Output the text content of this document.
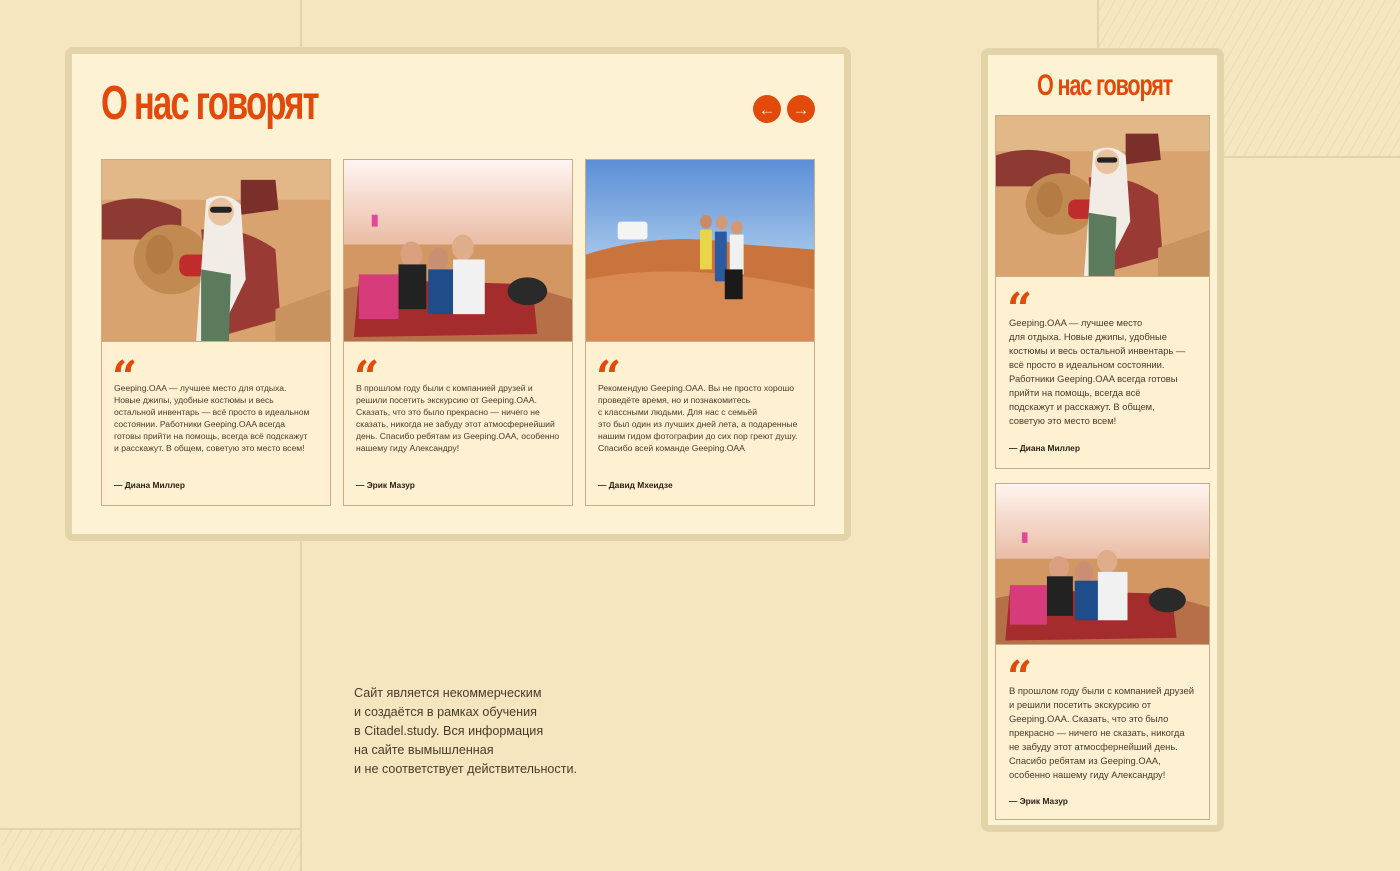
О нас говорят	← →
“
Geeping.OAA — лучшее место для отдыха.
Новые джипы, удобные костюмы и весь
остальной инвентарь — всё просто в идеальном
состоянии. Работники Geeping.OAA всегда
готовы прийти на помощь, всегда всё подскажут
и расскажут. В общем, советую это место всем!
— Диана Миллер
“
В прошлом году были с компанией друзей и
решили посетить экскурсию от Geeping.OAA.
Сказать, что это было прекрасно — ничего не
сказать, никогда не забуду этот атмосфернейший
день. Спасибо ребятам из Geeping.OAA, особенно
нашему гиду Александру!
— Эрик Мазур
“
Рекомендую Geeping.OAA. Вы не просто хорошо
проведёте время, но и познакомитесь
с классными людьми. Для нас с семьёй
это был один из лучших дней лета, а подаренные
нашим гидом фотографии до сих пор греют душу.
Спасибо всей команде Geeping.OAA
— Давид Мхеидзе
О нас говорят
“
Geeping.OAA — лучшее место
для отдыха. Новые джипы, удобные
костюмы и весь остальной инвентарь —
всё просто в идеальном состоянии.
Работники Geeping.OAA всегда готовы
прийти на помощь, всегда всё
подскажут и расскажут. В общем,
советую это место всем!
— Диана Миллер
“
В прошлом году были с компанией друзей
и решили посетить экскурсию от
Geeping.OAA. Сказать, что это было
прекрасно — ничего не сказать, никогда
не забуду этот атмосфернейший день.
Спасибо ребятам из Geeping.OAA,
особенно нашему гиду Александру!
— Эрик Мазур
Сайт является некоммерческим
и создаётся в рамках обучения
в Citadel.study. Вся информация
на сайте вымышленная
и не соответствует действительности.
